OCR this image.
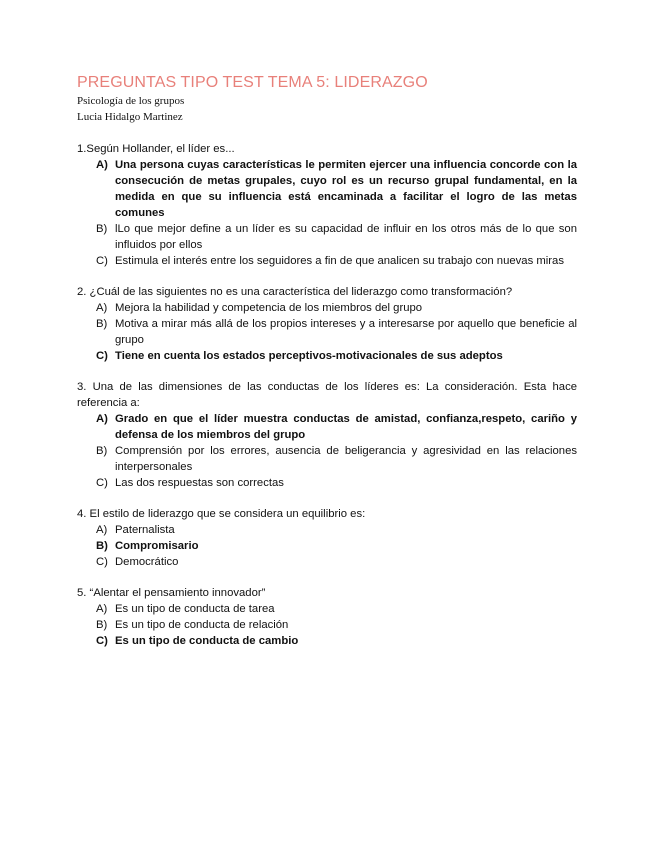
PREGUNTAS TIPO TEST TEMA 5: LIDERAZGO
Psicología de los grupos
Lucia Hidalgo Martinez
1.Según Hollander, el líder es...
A) Una persona cuyas características le permiten ejercer una influencia concorde con la consecución de metas grupales, cuyo rol es un recurso grupal fundamental, en la medida en que su influencia está encaminada a facilitar el logro de las metas comunes
B) lLo que mejor define a un líder es su capacidad de influir en los otros más de lo que son influidos por ellos
C) Estimula el interés entre los seguidores a fin de que analicen su trabajo con nuevas miras
2. ¿Cuál de las siguientes no es una característica del liderazgo como transformación?
A) Mejora la habilidad y competencia de los miembros del grupo
B) Motiva a mirar más allá de los propios intereses y a interesarse por aquello que beneficie al grupo
C) Tiene en cuenta los estados perceptivos-motivacionales de sus adeptos
3. Una de las dimensiones de las conductas de los líderes es: La consideración. Esta hace referencia a:
A) Grado en que el líder muestra conductas de amistad, confianza,respeto, cariño y defensa de los miembros del grupo
B) Comprensión por los errores, ausencia de beligerancia y agresividad en las relaciones interpersonales
C) Las dos respuestas son correctas
4. El estilo de liderazgo que se considera un equilibrio es:
A) Paternalista
B) Compromisario
C) Democrático
5. “Alentar el pensamiento innovador”
A) Es un tipo de conducta de tarea
B) Es un tipo de conducta de relación
C) Es un tipo de conducta de cambio
